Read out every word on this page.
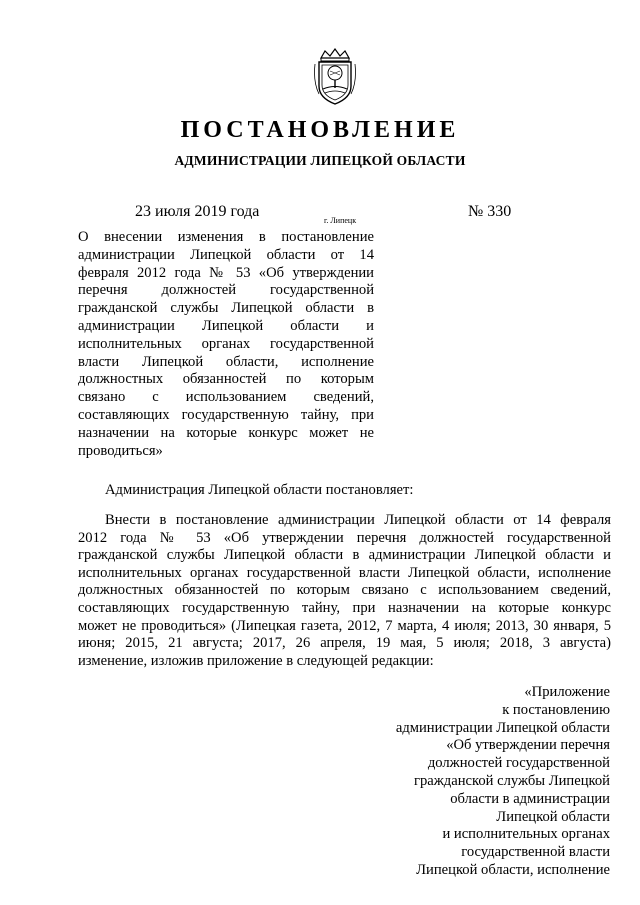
ПОСТАНОВЛЕНИЕ
АДМИНИСТРАЦИИ ЛИПЕЦКОЙ ОБЛАСТИ
23 июля 2019 года
г. Липецк
№ 330
О внесении изменения в постановление
администрации Липецкой области от 14
февраля 2012 года № 53 «Об утверждении
перечня должностей государственной
гражданской службы Липецкой области в
администрации Липецкой области и
исполнительных органах государственной
власти Липецкой области, исполнение
должностных обязанностей по которым
связано с использованием сведений,
составляющих государственную тайну, при
назначении на которые конкурс может не
проводиться»
Администрация Липецкой области постановляет:
Внести в постановление администрации Липецкой области от 14 февраля
2012 года № 53 «Об утверждении перечня должностей государственной
гражданской службы Липецкой области в администрации Липецкой области и
исполнительных органах государственной власти Липецкой области, исполнение
должностных обязанностей по которым связано с использованием сведений,
составляющих государственную тайну, при назначении на которые конкурс
может не проводиться» (Липецкая газета, 2012, 7 марта, 4 июля; 2013, 30 января, 5
июня; 2015, 21 августа; 2017, 26 апреля, 19 мая, 5 июля; 2018, 3 августа)
изменение, изложив приложение в следующей редакции:
«Приложение
к постановлению
администрации Липецкой области
«Об утверждении перечня
должностей государственной
гражданской службы Липецкой
области в администрации
Липецкой области
и исполнительных органах
государственной власти
Липецкой области, исполнение
